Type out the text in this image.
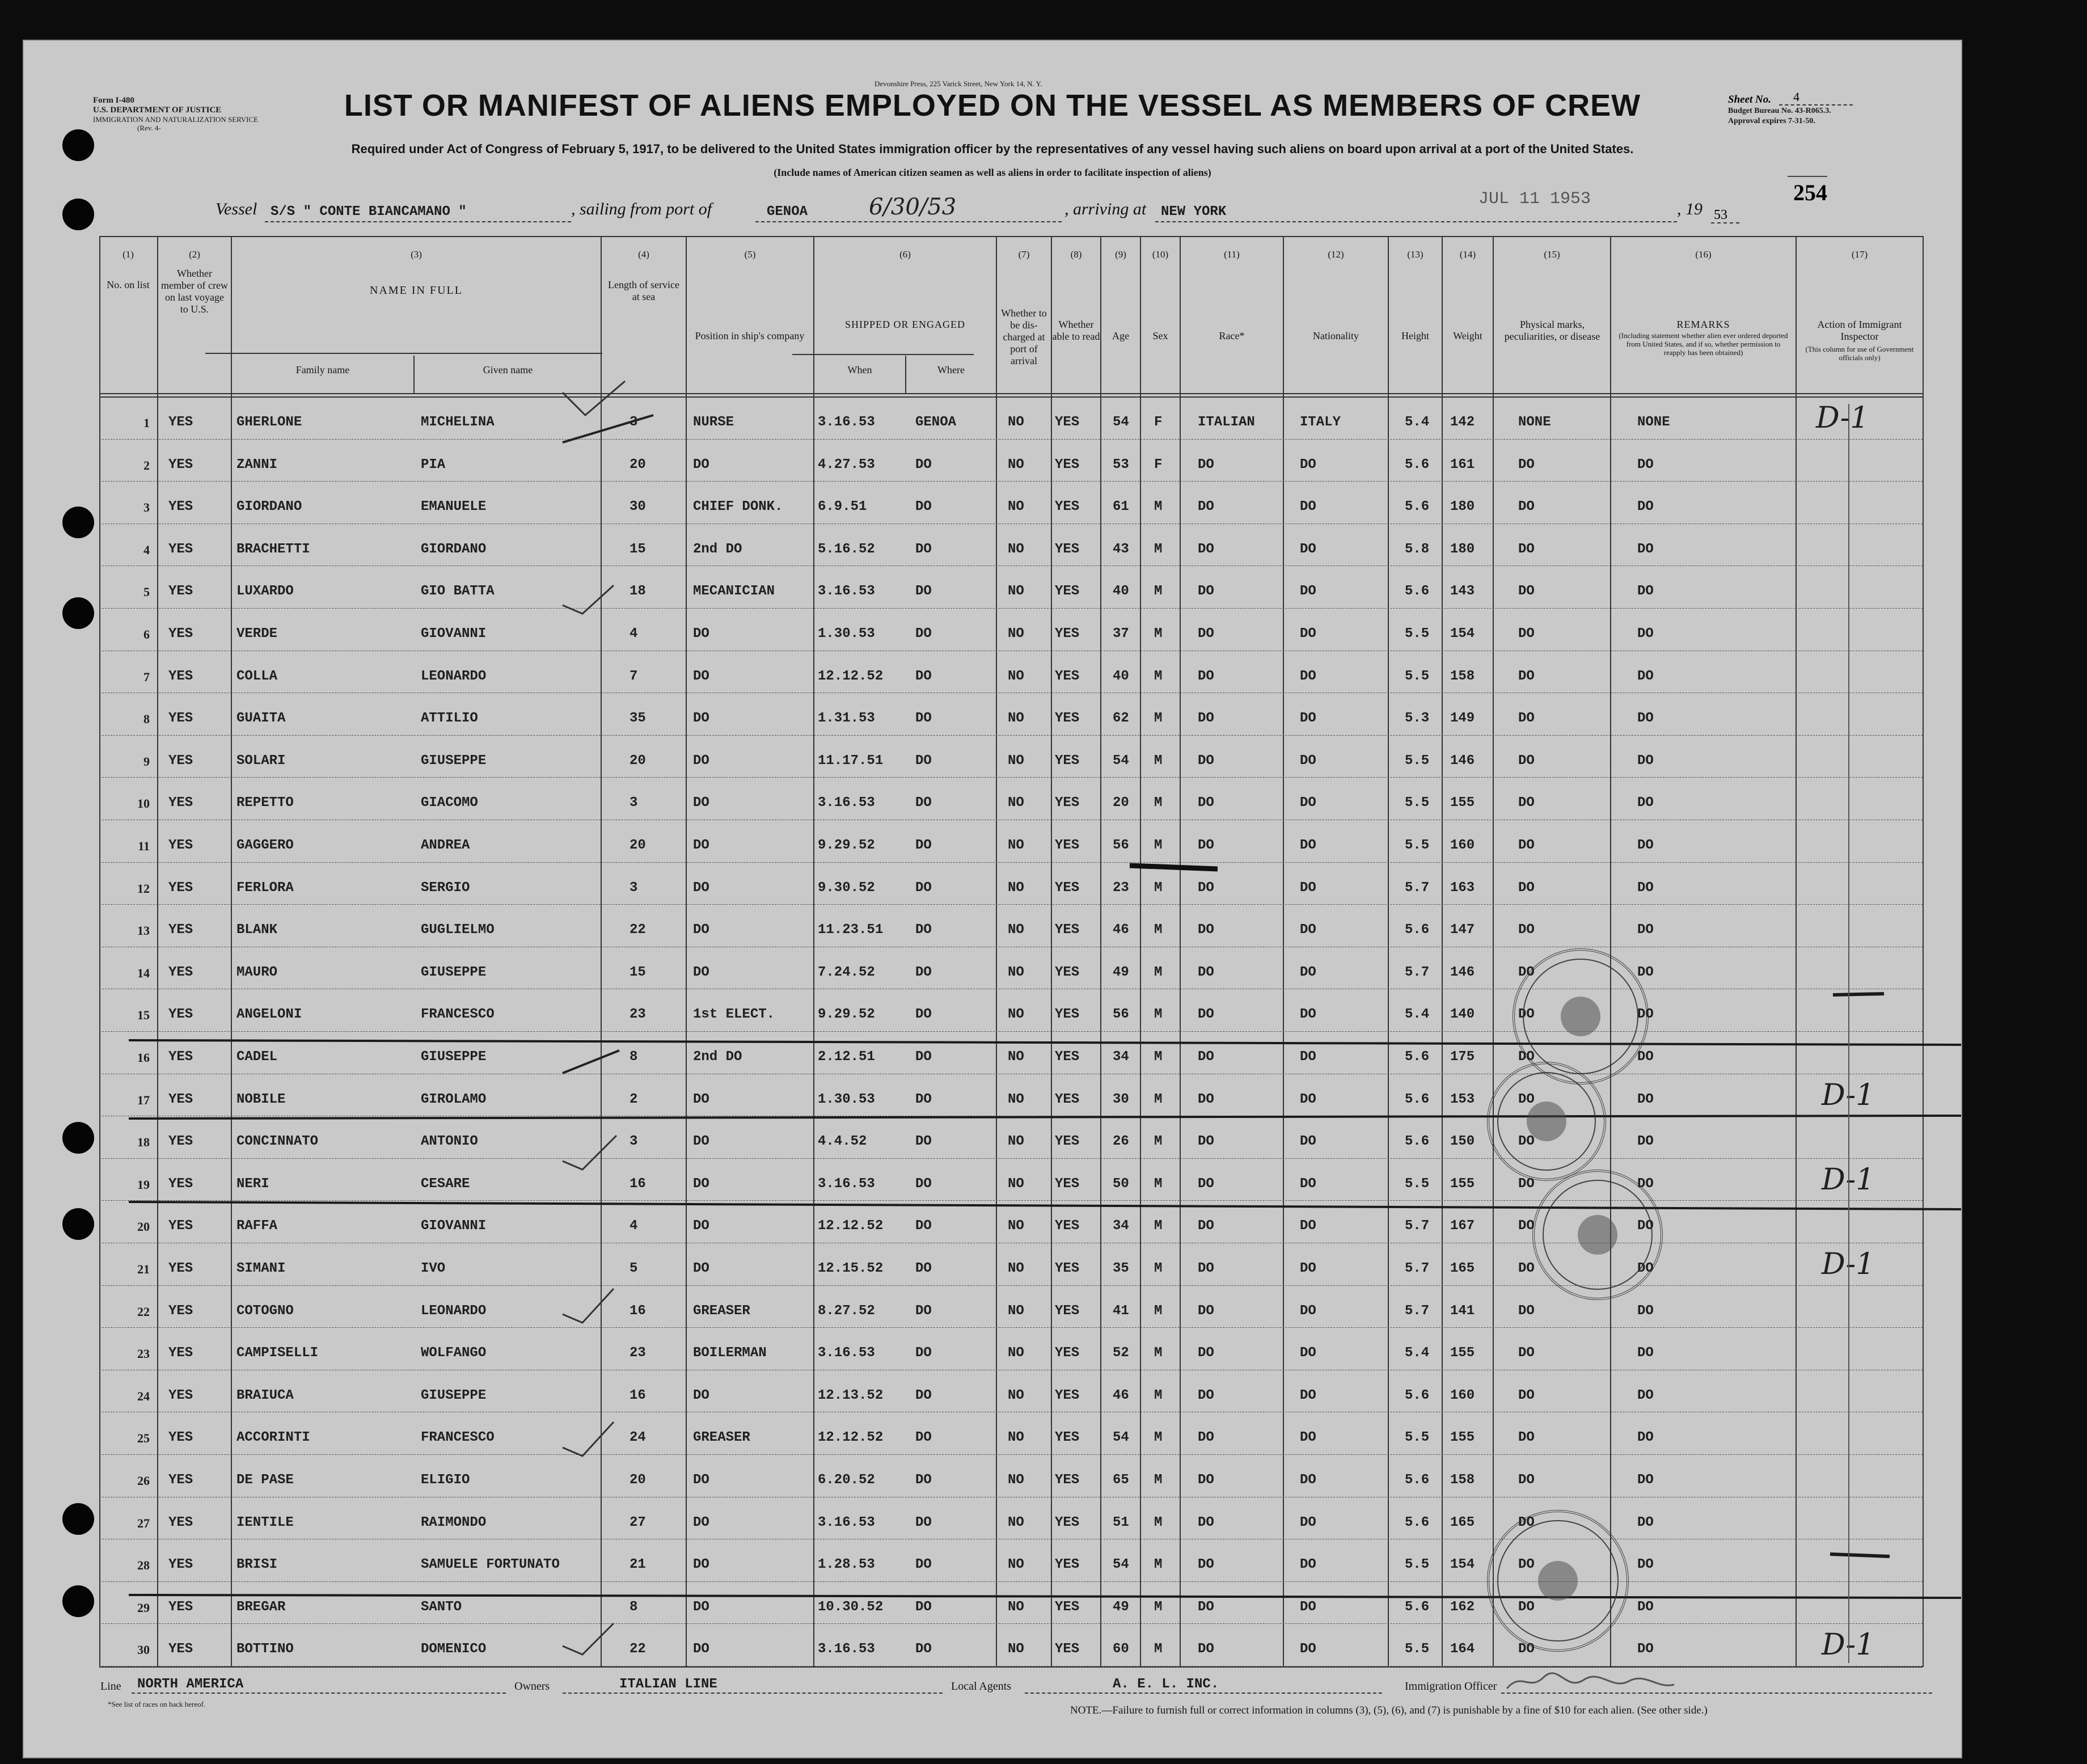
Form I-480
U.S. DEPARTMENT OF JUSTICE
IMMIGRATION AND NATURALIZATION SERVICE
(Rev. 4-
Devonshire Press, 225 Varick Street, New York 14, N. Y.
LIST OR MANIFEST OF ALIENS EMPLOYED ON THE VESSEL AS MEMBERS OF CREW
Required under Act of Congress of February 5, 1917, to be delivered to the United States immigration officer by the representatives of any vessel having such aliens on board upon arrival at a port of the United States.
(Include names of American citizen seamen as well as aliens in order to facilitate inspection of aliens)
Sheet No. 4
Budget Bureau No. 43-R065.3.
Approval expires 7-31-50.
254
Vessel S/S " CONTE BIANCAMANO "	, sailing from port of	GENOA	6/30/53	, arriving at NEW YORK
JUL 11 1953
, 19 53
(1)
No. on list
(2)
Whether member of crew on last voyage to U.S.
(3)
NAME IN FULL
Family name	Given name
(4)
Length of service at sea
(5)
Position in ship's company
(6)
SHIPPED OR ENGAGED
When	Where
(7)
Whether to be dis-charged at port of arrival
(8)
Whether able to read
(9)
Age
(10)
Sex
(11)
Race*
(12)
Nationality
(13)
Height
(14)
Weight
(15)
Physical marks, peculiarities, or disease
(16)
REMARKS
(Including statement whether alien ever ordered deported from United States, and if so, whether permission to reapply has been obtained)
(17)
Action of Immigrant Inspector
(This column for use of Government officials only)
1 YES	GHERLONE	MICHELINA	3	NURSE	3.16.53	GENOA	NO YES 54 F	ITALIAN	ITALY	5.4 142	NONE	NONE	D-1
2 YES	ZANNI	PIA	20	DO	4.27.53	DO	NO YES 53 F	DO	DO	5.6 161	DO	DO
3 YES	GIORDANO	EMANUELE	30	CHIEF DONK.	6.9.51	DO	NO YES 61 M	DO	DO	5.6 180	DO	DO
4 YES	BRACHETTI	GIORDANO	15	2nd DO	5.16.52	DO	NO YES 43 M	DO	DO	5.8 180	DO	DO
5 YES	LUXARDO	GIO BATTA	18	MECANICIAN	3.16.53	DO	NO YES 40 M	DO	DO	5.6 143	DO	DO
6 YES	VERDE	GIOVANNI	4	DO	1.30.53	DO	NO YES 37 M	DO	DO	5.5 154	DO	DO
7 YES	COLLA	LEONARDO	7	DO	12.12.52 DO	NO YES 40 M	DO	DO	5.5 158	DO	DO
8 YES	GUAITA	ATTILIO	35	DO	1.31.53	DO	NO YES 62 M	DO	DO	5.3 149	DO	DO
9 YES	SOLARI	GIUSEPPE	20	DO	11.17.51 DO	NO YES 54 M	DO	DO	5.5 146	DO	DO
10 YES	REPETTO	GIACOMO	3	DO	3.16.53	DO	NO YES 20 M	DO	DO	5.5 155	DO	DO
11 YES	GAGGERO	ANDREA	20	DO	9.29.52	DO	NO YES 56 M	DO	DO	5.5 160	DO	DO
12 YES	FERLORA	SERGIO	3	DO	9.30.52	DO	NO YES 23 M	DO	DO	5.7 163	DO	DO
13 YES	BLANK	GUGLIELMO	22	DO	11.23.51 DO	NO YES 46 M	DO	DO	5.6 147	DO	DO
14 YES	MAURO	GIUSEPPE	15	DO	7.24.52	DO	NO YES 49 M	DO	DO	5.7 146	DO	DO
15 YES	ANGELONI	FRANCESCO	23	1st ELECT.	9.29.52	DO	NO YES 56 M	DO	DO	5.4 140	DO	DO
16 YES	CADEL	GIUSEPPE	8	2nd DO	2.12.51	DO	NO YES 34 M	DO	DO	5.6 175	DO	DO
17 YES	NOBILE	GIROLAMO	2	DO	1.30.53	DO	NO YES 30 M	DO	DO	5.6 153	DO	DO	D-1
18 YES	CONCINNATO	ANTONIO	3	DO	4.4.52	DO	NO YES 26 M	DO	DO	5.6 150	DO	DO
19 YES	NERI	CESARE	16	DO	3.16.53	DO	NO YES 50 M	DO	DO	5.5 155	DO	DO	D-1
20 YES	RAFFA	GIOVANNI	4	DO	12.12.52 DO	NO YES 34 M	DO	DO	5.7 167	DO	DO
21 YES	SIMANI	IVO	5	DO	12.15.52 DO	NO YES 35 M	DO	DO	5.7 165	DO	DO	D-1
22 YES	COTOGNO	LEONARDO	16	GREASER	8.27.52	DO	NO YES 41 M	DO	DO	5.7 141	DO	DO
23 YES	CAMPISELLI	WOLFANGO	23	BOILERMAN	3.16.53	DO	NO YES 52 M	DO	DO	5.4 155	DO	DO
24 YES	BRAIUCA	GIUSEPPE	16	DO	12.13.52 DO	NO YES 46 M	DO	DO	5.6 160	DO	DO
25 YES	ACCORINTI	FRANCESCO	24	GREASER	12.12.52 DO	NO YES 54 M	DO	DO	5.5 155	DO	DO
26 YES	DE PASE	ELIGIO	20	DO	6.20.52	DO	NO YES 65 M	DO	DO	5.6 158	DO	DO
27 YES	IENTILE	RAIMONDO	27	DO	3.16.53	DO	NO YES 51 M	DO	DO	5.6 165	DO	DO
28 YES	BRISI	SAMUELE FORTUNATO	21	DO	1.28.53	DO	NO YES 54 M	DO	DO	5.5 154	DO	DO
29 YES	BREGAR	SANTO	8	DO	10.30.52 DO	NO YES 49 M	DO	DO	5.6 162	DO	DO
30 YES	BOTTINO	DOMENICO	22	DO	3.16.53	DO	NO YES 60 M	DO	DO	5.5 164	DO	DO	D-1
Line NORTH AMERICA	Owners	ITALIAN LINE	Local Agents	A. E. L. INC.	Immigration Officer
*See list of races on back hereof.
NOTE.—Failure to furnish full or correct information in columns (3), (5), (6), and (7) is punishable by a fine of $10 for each alien. (See other side.)
